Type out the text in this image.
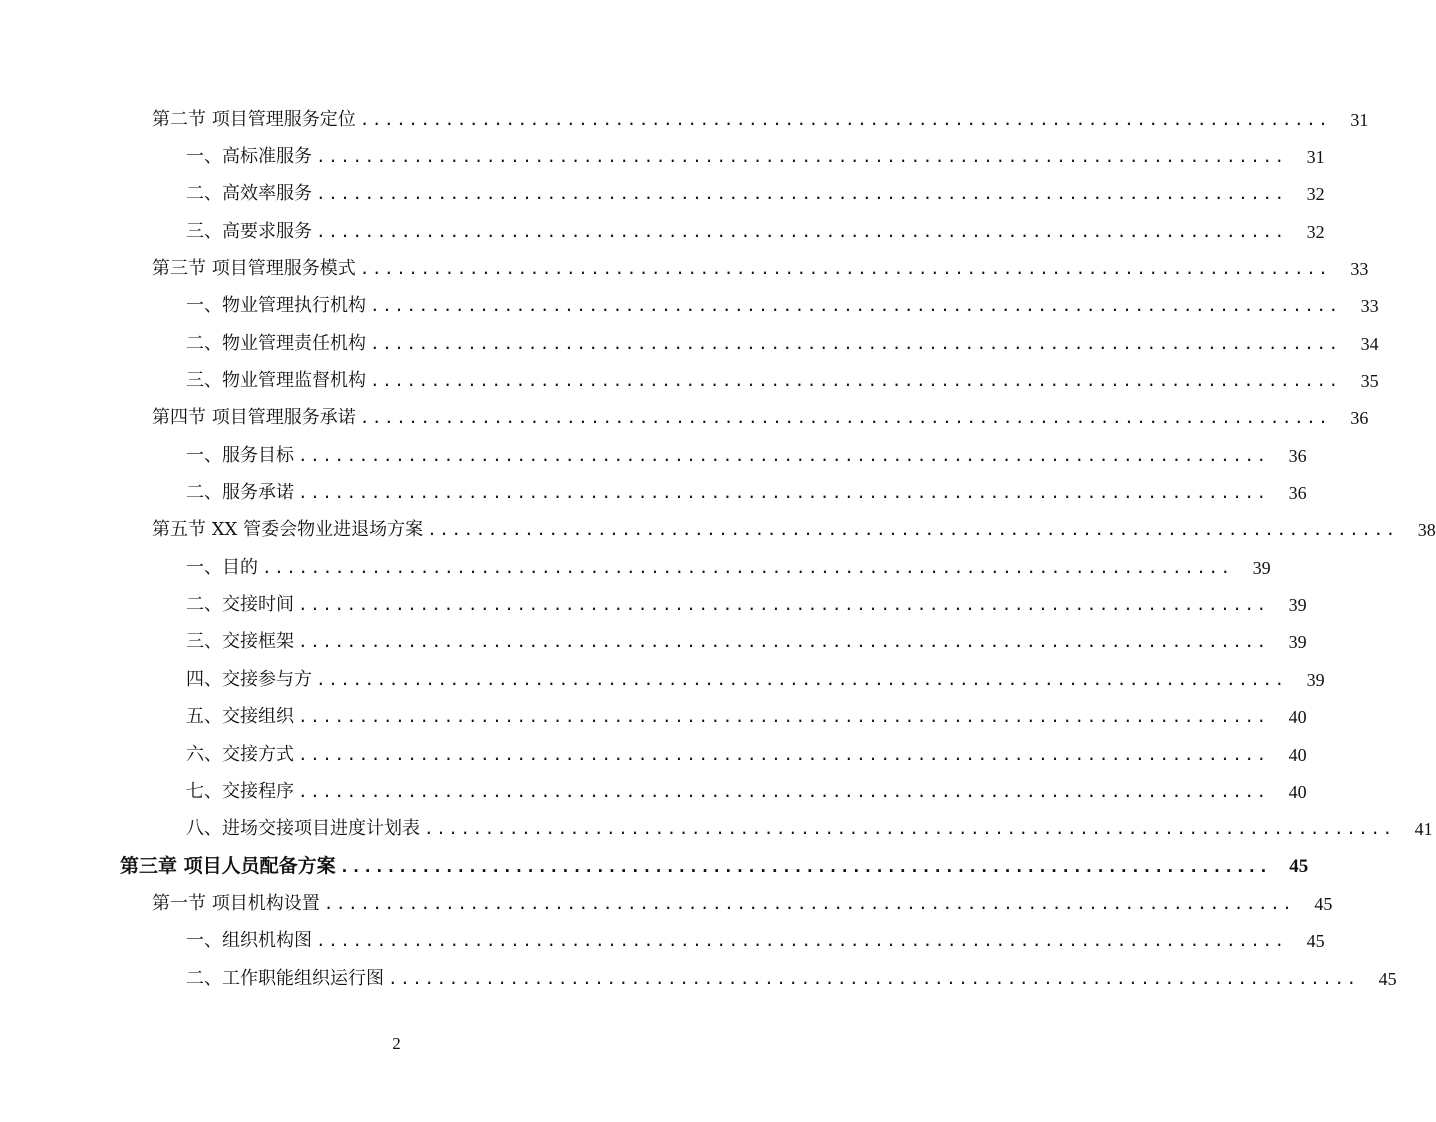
第二节 项目管理服务定位 ................................................................................	31
一、高标准服务 ................................................................................	31
二、高效率服务 ................................................................................	32
三、高要求服务 ................................................................................	32
第三节 项目管理服务模式 ................................................................................	33
一、物业管理执行机构 ................................................................................	33
二、物业管理责任机构 ................................................................................	34
三、物业管理监督机构 ................................................................................	35
第四节 项目管理服务承诺 ................................................................................	36
一、服务目标 ................................................................................	36
二、服务承诺 ................................................................................	36
第五节 XX 管委会物业进退场方案 ................................................................................	38
一、目的 ................................................................................	39
二、交接时间 ................................................................................	39
三、交接框架 ................................................................................	39
四、交接参与方 ................................................................................	39
五、交接组织 ................................................................................	40
六、交接方式 ................................................................................	40
七、交接程序 ................................................................................	40
八、进场交接项目进度计划表 ................................................................................	41
第三章 项目人员配备方案 ................................................................................	45
第一节 项目机构设置 ................................................................................	45
一、组织机构图 ................................................................................	45
二、工作职能组织运行图 ................................................................................	45
2
